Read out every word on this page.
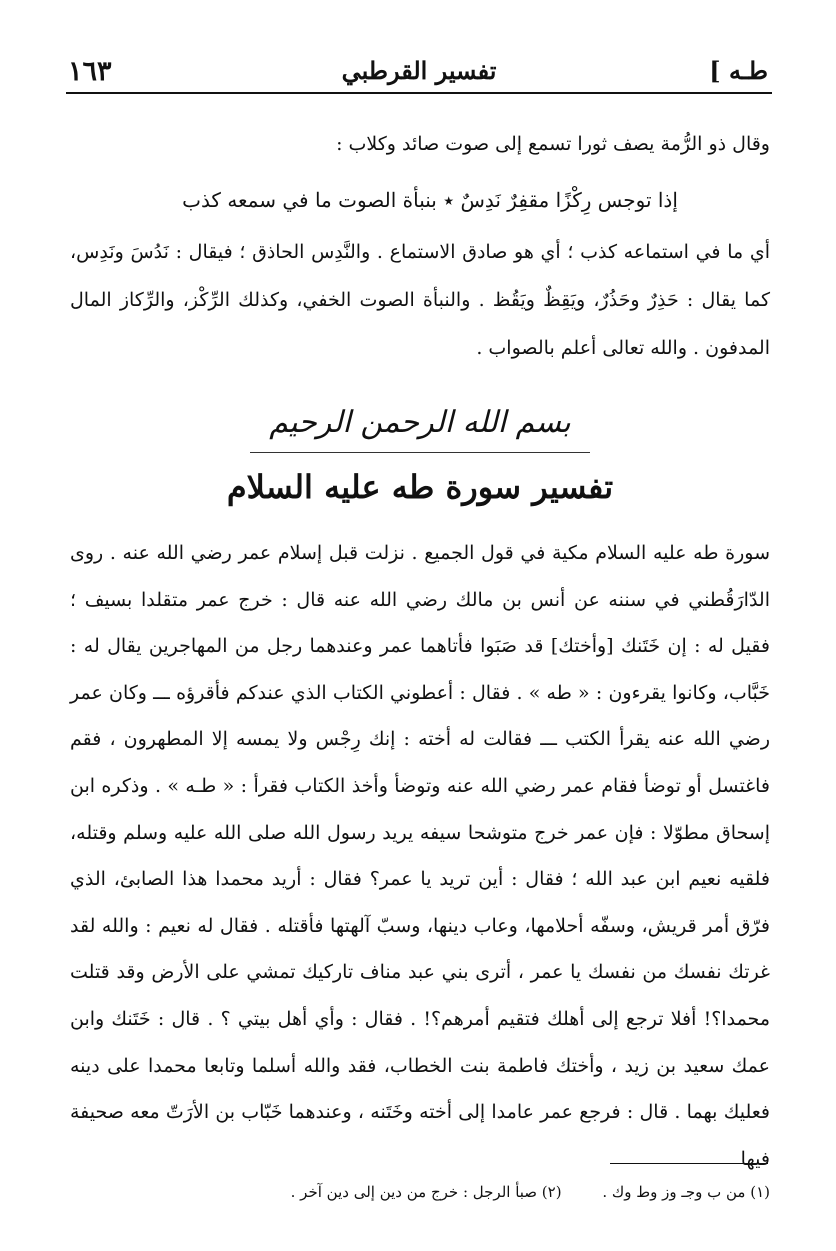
١٦٣	تفسير القرطبي	طـه ]
وقال ذو الرُّمة يصف ثورا تسمع إلى صوت صائد وكلاب :
إذا توجس رِكْزًا مقفِرٌ نَدِسٌ ٭ بنبأة الصوت ما في سمعه كذب
أي ما في استماعه كذب ؛ أي هو صادق الاستماع . والنَّدِس الحاذق ؛ فيقال : نَدُسَ ونَدِس، كما يقال : حَذِرٌ وحَذُرٌ، ويَقِظٌ ويَقُظ . والنبأة الصوت الخفي، وكذلك الرِّكْز، والرِّكاز المال المدفون . والله تعالى أعلم بالصواب .
بسم الله الرحمن الرحيم
تفسير سورة طه عليه السلام
سورة طه عليه السلام مكية في قول الجميع . نزلت قبل إسلام عمر رضي الله عنه . روى الدّارَقُطني في سننه عن أنس بن مالك رضي الله عنه قال : خرج عمر متقلدا بسيف ؛ فقيل له : إن خَتَنك [وأختك] قد صَبَوا فأتاهما عمر وعندهما رجل من المهاجرين يقال له : خَبَّاب، وكانوا يقرءون : « طه » . فقال : أعطوني الكتاب الذي عندكم فأقرؤه ـــ وكان عمر رضي الله عنه يقرأ الكتب ـــ فقالت له أخته : إنك رِجْس ولا يمسه إلا المطهرون ، فقم فاغتسل أو توضأ فقام عمر رضي الله عنه وتوضأ وأخذ الكتاب فقرأ : « طـه » . وذكره ابن إسحاق مطوّلا : فإن عمر خرج متوشحا سيفه يريد رسول الله صلى الله عليه وسلم وقتله، فلقيه نعيم ابن عبد الله ؛ فقال : أين تريد يا عمر؟ فقال : أريد محمدا هذا الصابئ، الذي فرّق أمر قريش، وسفّه أحلامها، وعاب دينها، وسبّ آلهتها فأقتله . فقال له نعيم : والله لقد غرتك نفسك من نفسك يا عمر ، أترى بني عبد مناف تاركيك تمشي على الأرض وقد قتلت محمدا؟! أفلا ترجع إلى أهلك فتقيم أمرهم؟! . فقال : وأي أهل بيتي ؟ . قال : خَتَنك وابن عمك سعيد بن زيد ، وأختك فاطمة بنت الخطاب، فقد والله أسلما وتابعا محمدا على دينه فعليك بهما . قال : فرجع عمر عامدا إلى أخته وخَتَنه ، وعندهما خَبّاب بن الأرَتّ معه صحيفة فيها
(١) من ب وجـ وز وط وك . (٢) صبأ الرجل : خرج من دين إلى دين آخر .
